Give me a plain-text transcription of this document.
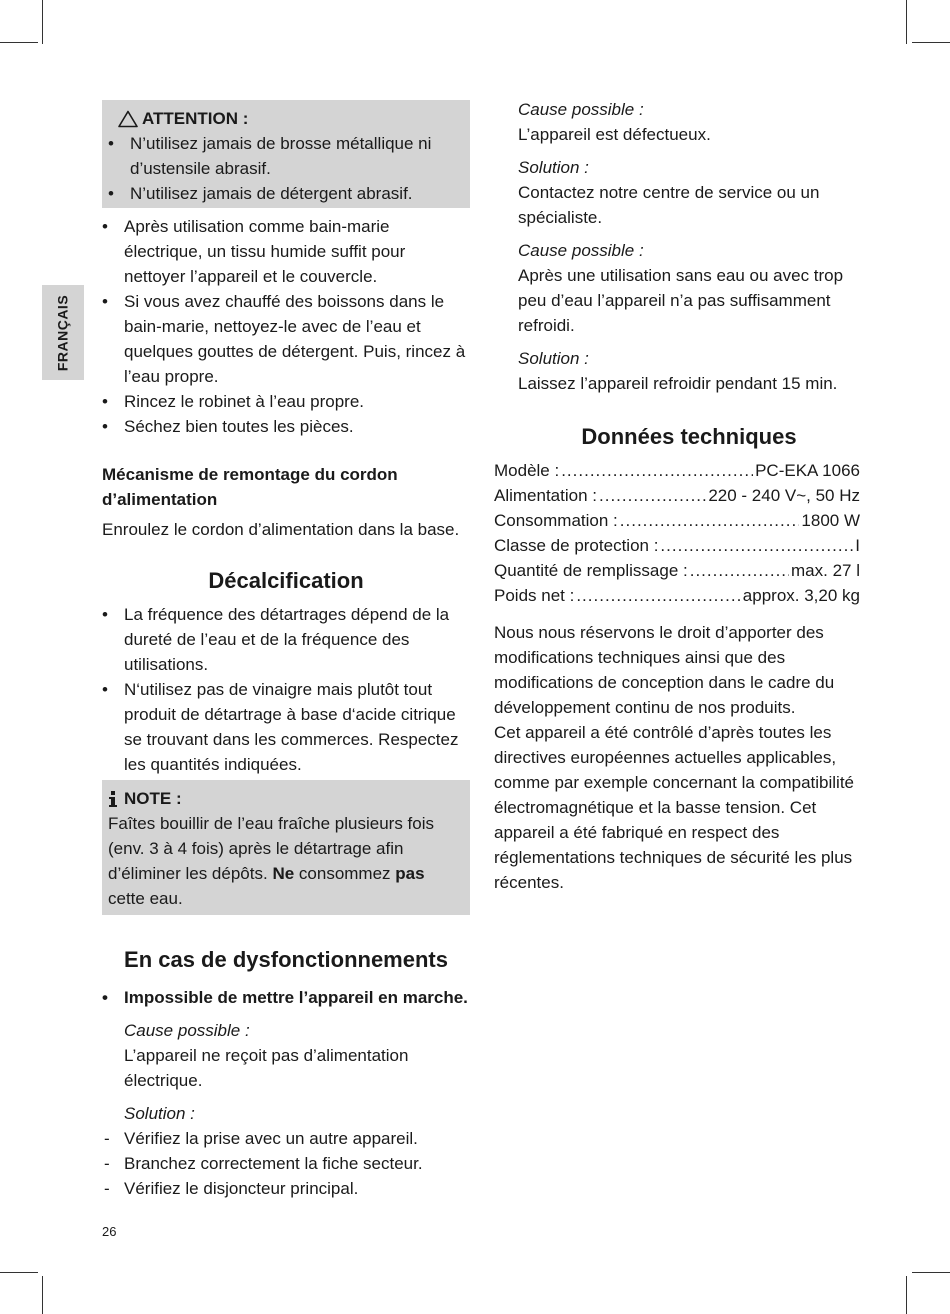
FRANÇAIS
ATTENTION :
• N’utilisez jamais de brosse métallique ni d’ustensile abrasif.
• N’utilisez jamais de détergent abrasif.
• Après utilisation comme bain-marie électrique, un tissu humide suffit pour nettoyer l’appareil et le couvercle.
• Si vous avez chauffé des boissons dans le bain-marie, nettoyez-le avec de l’eau et quelques gouttes de détergent. Puis, rincez à l’eau propre.
• Rincez le robinet à l’eau propre.
• Séchez bien toutes les pièces.
Mécanisme de remontage du cordon d’alimentation
Enroulez le cordon d’alimentation dans la base.
Décalcification
• La fréquence des détartrages dépend de la dureté de l’eau et de la fréquence des utilisations.
• N‘utilisez pas de vinaigre mais plutôt tout produit de détartrage à base d‘acide citrique se trouvant dans les commerces. Respectez les quantités indiquées.
NOTE :
Faîtes bouillir de l’eau fraîche plusieurs fois (env. 3 à 4 fois) après le détartrage afin d’éliminer les dépôts. Ne consommez pas cette eau.
En cas de dysfonctionnements
• Impossible de mettre l’appareil en marche.
Cause possible :
L’appareil ne reçoit pas d’alimentation électrique.
Solution :
- Vérifiez la prise avec un autre appareil.
- Branchez correctement la fiche secteur.
- Vérifiez le disjoncteur principal.
Cause possible :
L’appareil est défectueux.
Solution :
Contactez notre centre de service ou un spécialiste.
Cause possible :
Après une utilisation sans eau ou avec trop peu d’eau l’appareil n’a pas suffisamment refroidi.
Solution :
Laissez l’appareil refroidir pendant 15 min.
Données techniques
Modèle : .....	PC-EKA 1066
Alimentation : .....	220 - 240 V~, 50 Hz
Consommation : .....	1800 W
Classe de protection : .....	I
Quantité de remplissage : .....	max. 27 l
Poids net : .....	approx. 3,20 kg
Nous nous réservons le droit d’apporter des modifications techniques ainsi que des modifications de conception dans le cadre du développement continu de nos produits.
Cet appareil a été contrôlé d’après toutes les directives européennes actuelles applicables, comme par exemple concernant la compatibilité électromagnétique et la basse tension. Cet appareil a été fabriqué en respect des réglementations techniques de sécurité les plus récentes.
26
